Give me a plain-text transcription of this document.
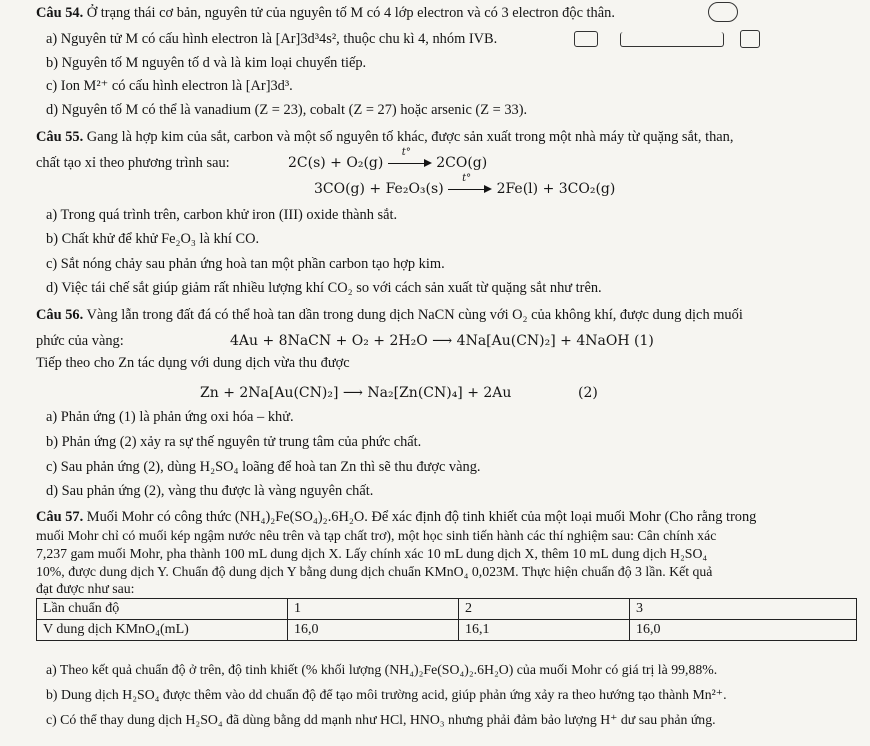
Câu 54. Ở trạng thái cơ bản, nguyên tử của nguyên tố M có 4 lớp electron và có 3 electron độc thân.
a) Nguyên tử M có cấu hình electron là [Ar]3d³4s², thuộc chu kì 4, nhóm IVB.
b) Nguyên tố M nguyên tố d và là kim loại chuyển tiếp.
c) Ion M²⁺ có cấu hình electron là [Ar]3d³.
d) Nguyên tố M có thể là vanadium (Z = 23), cobalt (Z = 27) hoặc arsenic (Z = 33).
Câu 55. Gang là hợp kim của sắt, carbon và một số nguyên tố khác, được sản xuất trong một nhà máy từ quặng sắt, than,
chất tạo xỉ theo phương trình sau:	2C(s) + O₂(g)
t°
2CO(g)
3CO(g) + Fe₂O₃(s)
t°
2Fe(l) + 3CO₂(g)
a) Trong quá trình trên, carbon khử iron (III) oxide thành sắt.
b) Chất khử để khử Fe₂O₃ là khí CO.
c) Sắt nóng chảy sau phản ứng hoà tan một phần carbon tạo hợp kim.
d) Việc tái chế sắt giúp giảm rất nhiều lượng khí CO₂ so với cách sản xuất từ quặng sắt như trên.
Câu 56. Vàng lẫn trong đất đá có thể hoà tan dần trong dung dịch NaCN cùng với O₂ của không khí, được dung dịch muối
phức của vàng:	4Au + 8NaCN + O₂ + 2H₂O ⟶ 4Na[Au(CN)₂] + 4NaOH (1)
Tiếp theo cho Zn tác dụng với dung dịch vừa thu được
Zn + 2Na[Au(CN)₂] ⟶ Na₂[Zn(CN)₄] + 2Au	(2)
a) Phản ứng (1) là phản ứng oxi hóa – khử.
b) Phản ứng (2) xảy ra sự thế nguyên tử trung tâm của phức chất.
c) Sau phản ứng (2), dùng H₂SO₄ loãng để hoà tan Zn thì sẽ thu được vàng.
d) Sau phản ứng (2), vàng thu được là vàng nguyên chất.
Câu 57. Muối Mohr có công thức (NH₄)₂Fe(SO₄)₂.6H₂O. Để xác định độ tinh khiết của một loại muối Mohr (Cho rằng trong
muối Mohr chỉ có muối kép ngậm nước nêu trên và tạp chất trơ), một học sinh tiến hành các thí nghiệm sau: Cân chính xác
7,237 gam muối Mohr, pha thành 100 mL dung dịch X. Lấy chính xác 10 mL dung dịch X, thêm 10 mL dung dịch H₂SO₄
10%, được dung dịch Y. Chuẩn độ dung dịch Y bằng dung dịch chuẩn KMnO₄ 0,023M. Thực hiện chuẩn độ 3 lần. Kết quả
đạt được như sau:
Lần chuẩn độ	1	2	3
V dung dịch KMnO₄(mL)	16,0	16,1	16,0
a) Theo kết quả chuẩn độ ở trên, độ tinh khiết (% khối lượng (NH₄)₂Fe(SO₄)₂.6H₂O) của muối Mohr có giá trị là 99,88%.
b) Dung dịch H₂SO₄ được thêm vào dd chuẩn độ để tạo môi trường acid, giúp phản ứng xảy ra theo hướng tạo thành Mn²⁺.
c) Có thể thay dung dịch H₂SO₄ đã dùng bằng dd mạnh như HCl, HNO₃ nhưng phải đảm bảo lượng H⁺ dư sau phản ứng.
